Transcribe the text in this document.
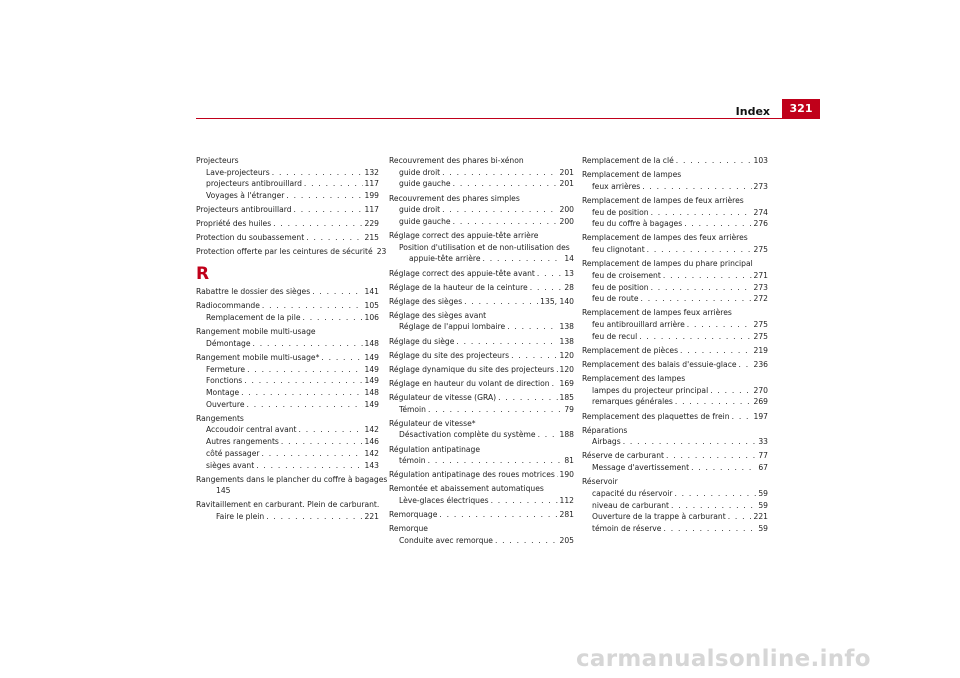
Index	321
Projecteurs
Lave-projecteurs . . .	132
projecteurs antibrouillard . . .	117
Voyages à l'étranger . . .	199
Projecteurs antibrouillard . . .	117
Propriété des huiles . . .	229
Protection du soubassement . . .	215
Protection offerte par les ceintures de sécurité 23
R
Rabattre le dossier des sièges . . .	141
Radiocommande . . .	105
Remplacement de la pile . . .	106
Rangement mobile multi-usage
Démontage . . .	148
Rangement mobile multi-usage* . . .	149
Fermeture . . .	149
Fonctions . . .	149
Montage . . .	148
Ouverture . . .	149
Rangements
Accoudoir central avant . . .	142
Autres rangements . . .	146
côté passager . . .	142
sièges avant . . .	143
Rangements dans le plancher du coffre à bagages
145
Ravitaillement en carburant. Plein de carburant.
Faire le plein . . .	221
Recouvrement des phares bi-xénon
guide droit . . .	201
guide gauche . . .	201
Recouvrement des phares simples
guide droit . . .	200
guide gauche . . .	200
Réglage correct des appuie-tête arrière
Position d'utilisation et de non-utilisation des
appuie-tête arrière . . .	14
Réglage correct des appuie-tête avant . . .	13
Réglage de la hauteur de la ceinture . . .	28
Réglage des sièges . . .	135, 140
Réglage des sièges avant
Réglage de l'appui lombaire . . .	138
Réglage du siège . . .	138
Réglage du site des projecteurs . . .	120
Réglage dynamique du site des projecteurs . . . 120
Réglage en hauteur du volant de direction . . . 169
Régulateur de vitesse (GRA) . . .	185
Témoin . . .	79
Régulateur de vitesse*
Désactivation complète du système . . .	188
Régulation antipatinage
témoin . . .	81
Régulation antipatinage des roues motrices . . . 190
Remontée et abaissement automatiques
Lève-glaces électriques . . .	112
Remorquage . . .	281
Remorque
Conduite avec remorque . . .	205
Remplacement de la clé . . .	103
Remplacement de lampes
feux arrières . . .	273
Remplacement de lampes de feux arrières
feu de position . . .	274
feu du coffre à bagages . . .	276
Remplacement de lampes des feux arrières
feu clignotant . . .	275
Remplacement de lampes du phare principal
feu de croisement . . .	271
feu de position . . .	273
feu de route . . .	272
Remplacement de lampes feux arrières
feu antibrouillard arrière . . .	275
feu de recul . . .	275
Remplacement de pièces . . .	219
Remplacement des balais d'essuie-glace . . . 236
Remplacement des lampes
lampes du projecteur principal . . .	270
remarques générales . . .	269
Remplacement des plaquettes de frein . . .	197
Réparations
Airbags . . .	33
Réserve de carburant . . .	77
Message d'avertissement . . .	67
Réservoir
capacité du réservoir . . .	59
niveau de carburant . . .	59
Ouverture de la trappe à carburant . . .	221
témoin de réserve . . .	59
carmanualsonline.info
